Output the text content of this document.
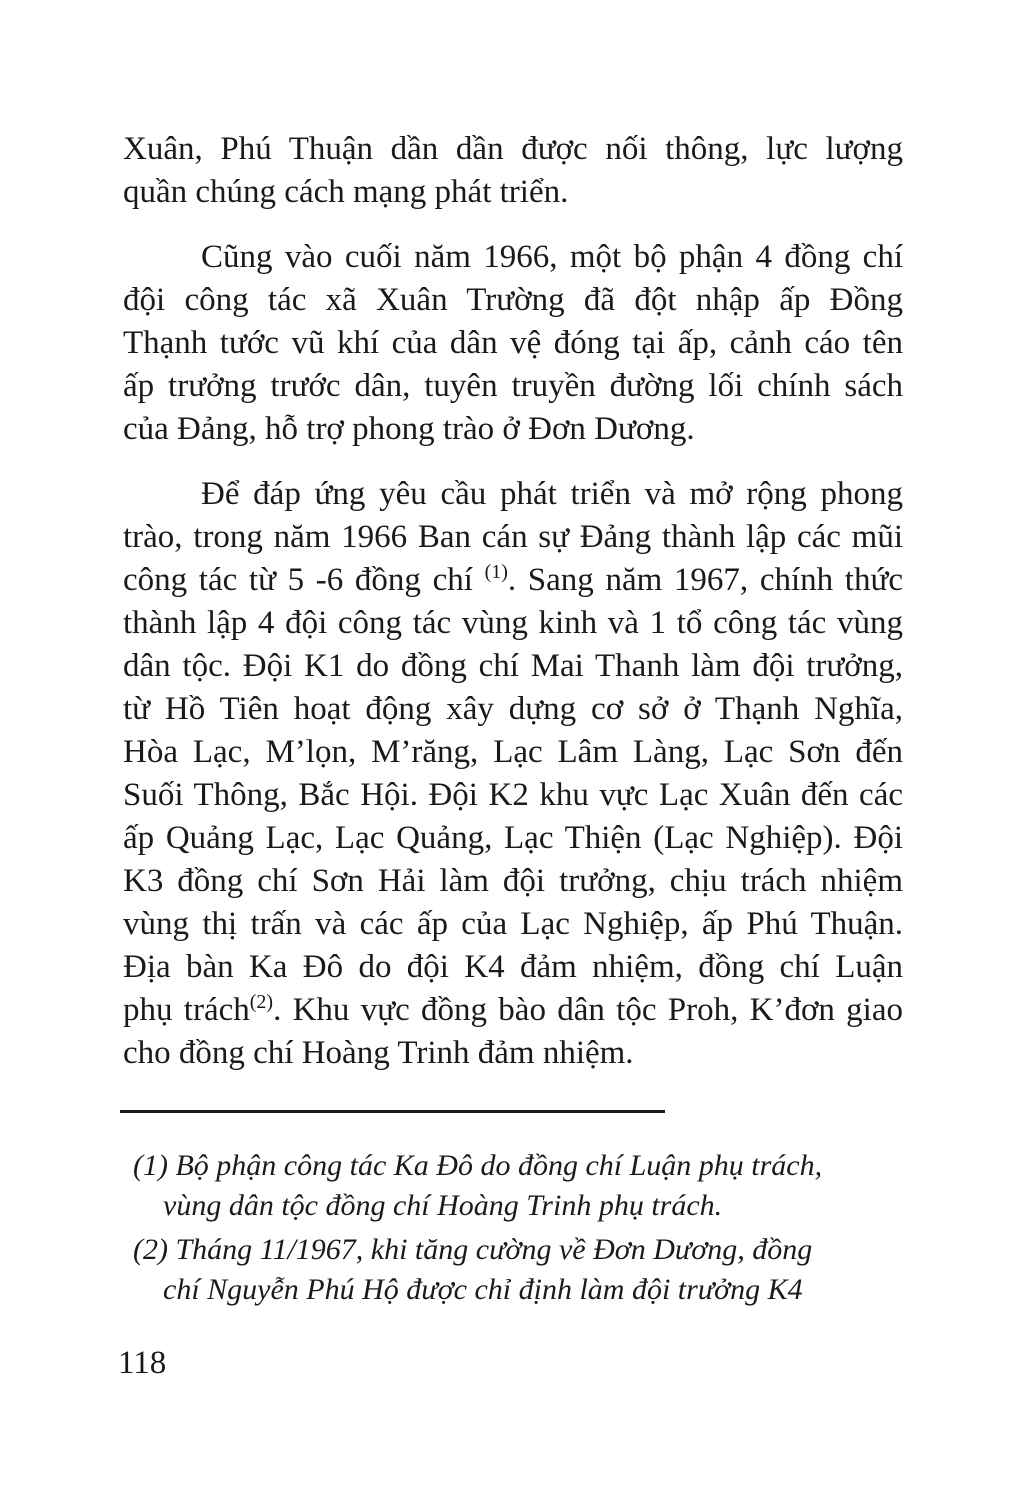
Xuân, Phú Thuận dần dần được nối thông, lực lượng
quần chúng cách mạng phát triển.
Cũng vào cuối năm 1966, một bộ phận 4 đồng chí
đội công tác xã Xuân Trường đã đột nhập ấp Đồng
Thạnh tước vũ khí của dân vệ đóng tại ấp, cảnh cáo tên
ấp trưởng trước dân, tuyên truyền đường lối chính sách
của Đảng, hỗ trợ phong trào ở Đơn Dương.
Để đáp ứng yêu cầu phát triển và mở rộng phong
trào, trong năm 1966 Ban cán sự Đảng thành lập các mũi
công tác từ 5 -6 đồng chí $^{(1)}$. Sang năm 1967, chính thức
thành lập 4 đội công tác vùng kinh và 1 tổ công tác vùng
dân tộc. Đội K1 do đồng chí Mai Thanh làm đội trưởng,
từ Hồ Tiên hoạt động xây dựng cơ sở ở Thạnh Nghĩa,
Hòa Lạc, M’lọn, M’răng, Lạc Lâm Làng, Lạc Sơn đến
Suối Thông, Bắc Hội. Đội K2 khu vực Lạc Xuân đến các
ấp Quảng Lạc, Lạc Quảng, Lạc Thiện (Lạc Nghiệp). Đội
K3 đồng chí Sơn Hải làm đội trưởng, chịu trách nhiệm
vùng thị trấn và các ấp của Lạc Nghiệp, ấp Phú Thuận.
Địa bàn Ka Đô do đội K4 đảm nhiệm, đồng chí Luận
phụ trách$^{(2)}$. Khu vực đồng bào dân tộc Proh, K’đơn giao
cho đồng chí Hoàng Trinh đảm nhiệm.
(1) Bộ phận công tác Ka Đô do đồng chí Luận phụ trách,
vùng dân tộc đồng chí Hoàng Trinh phụ trách.
(2) Tháng 11/1967, khi tăng cường về Đơn Dương, đồng
chí Nguyễn Phú Hộ được chỉ định làm đội trưởng K4
118
